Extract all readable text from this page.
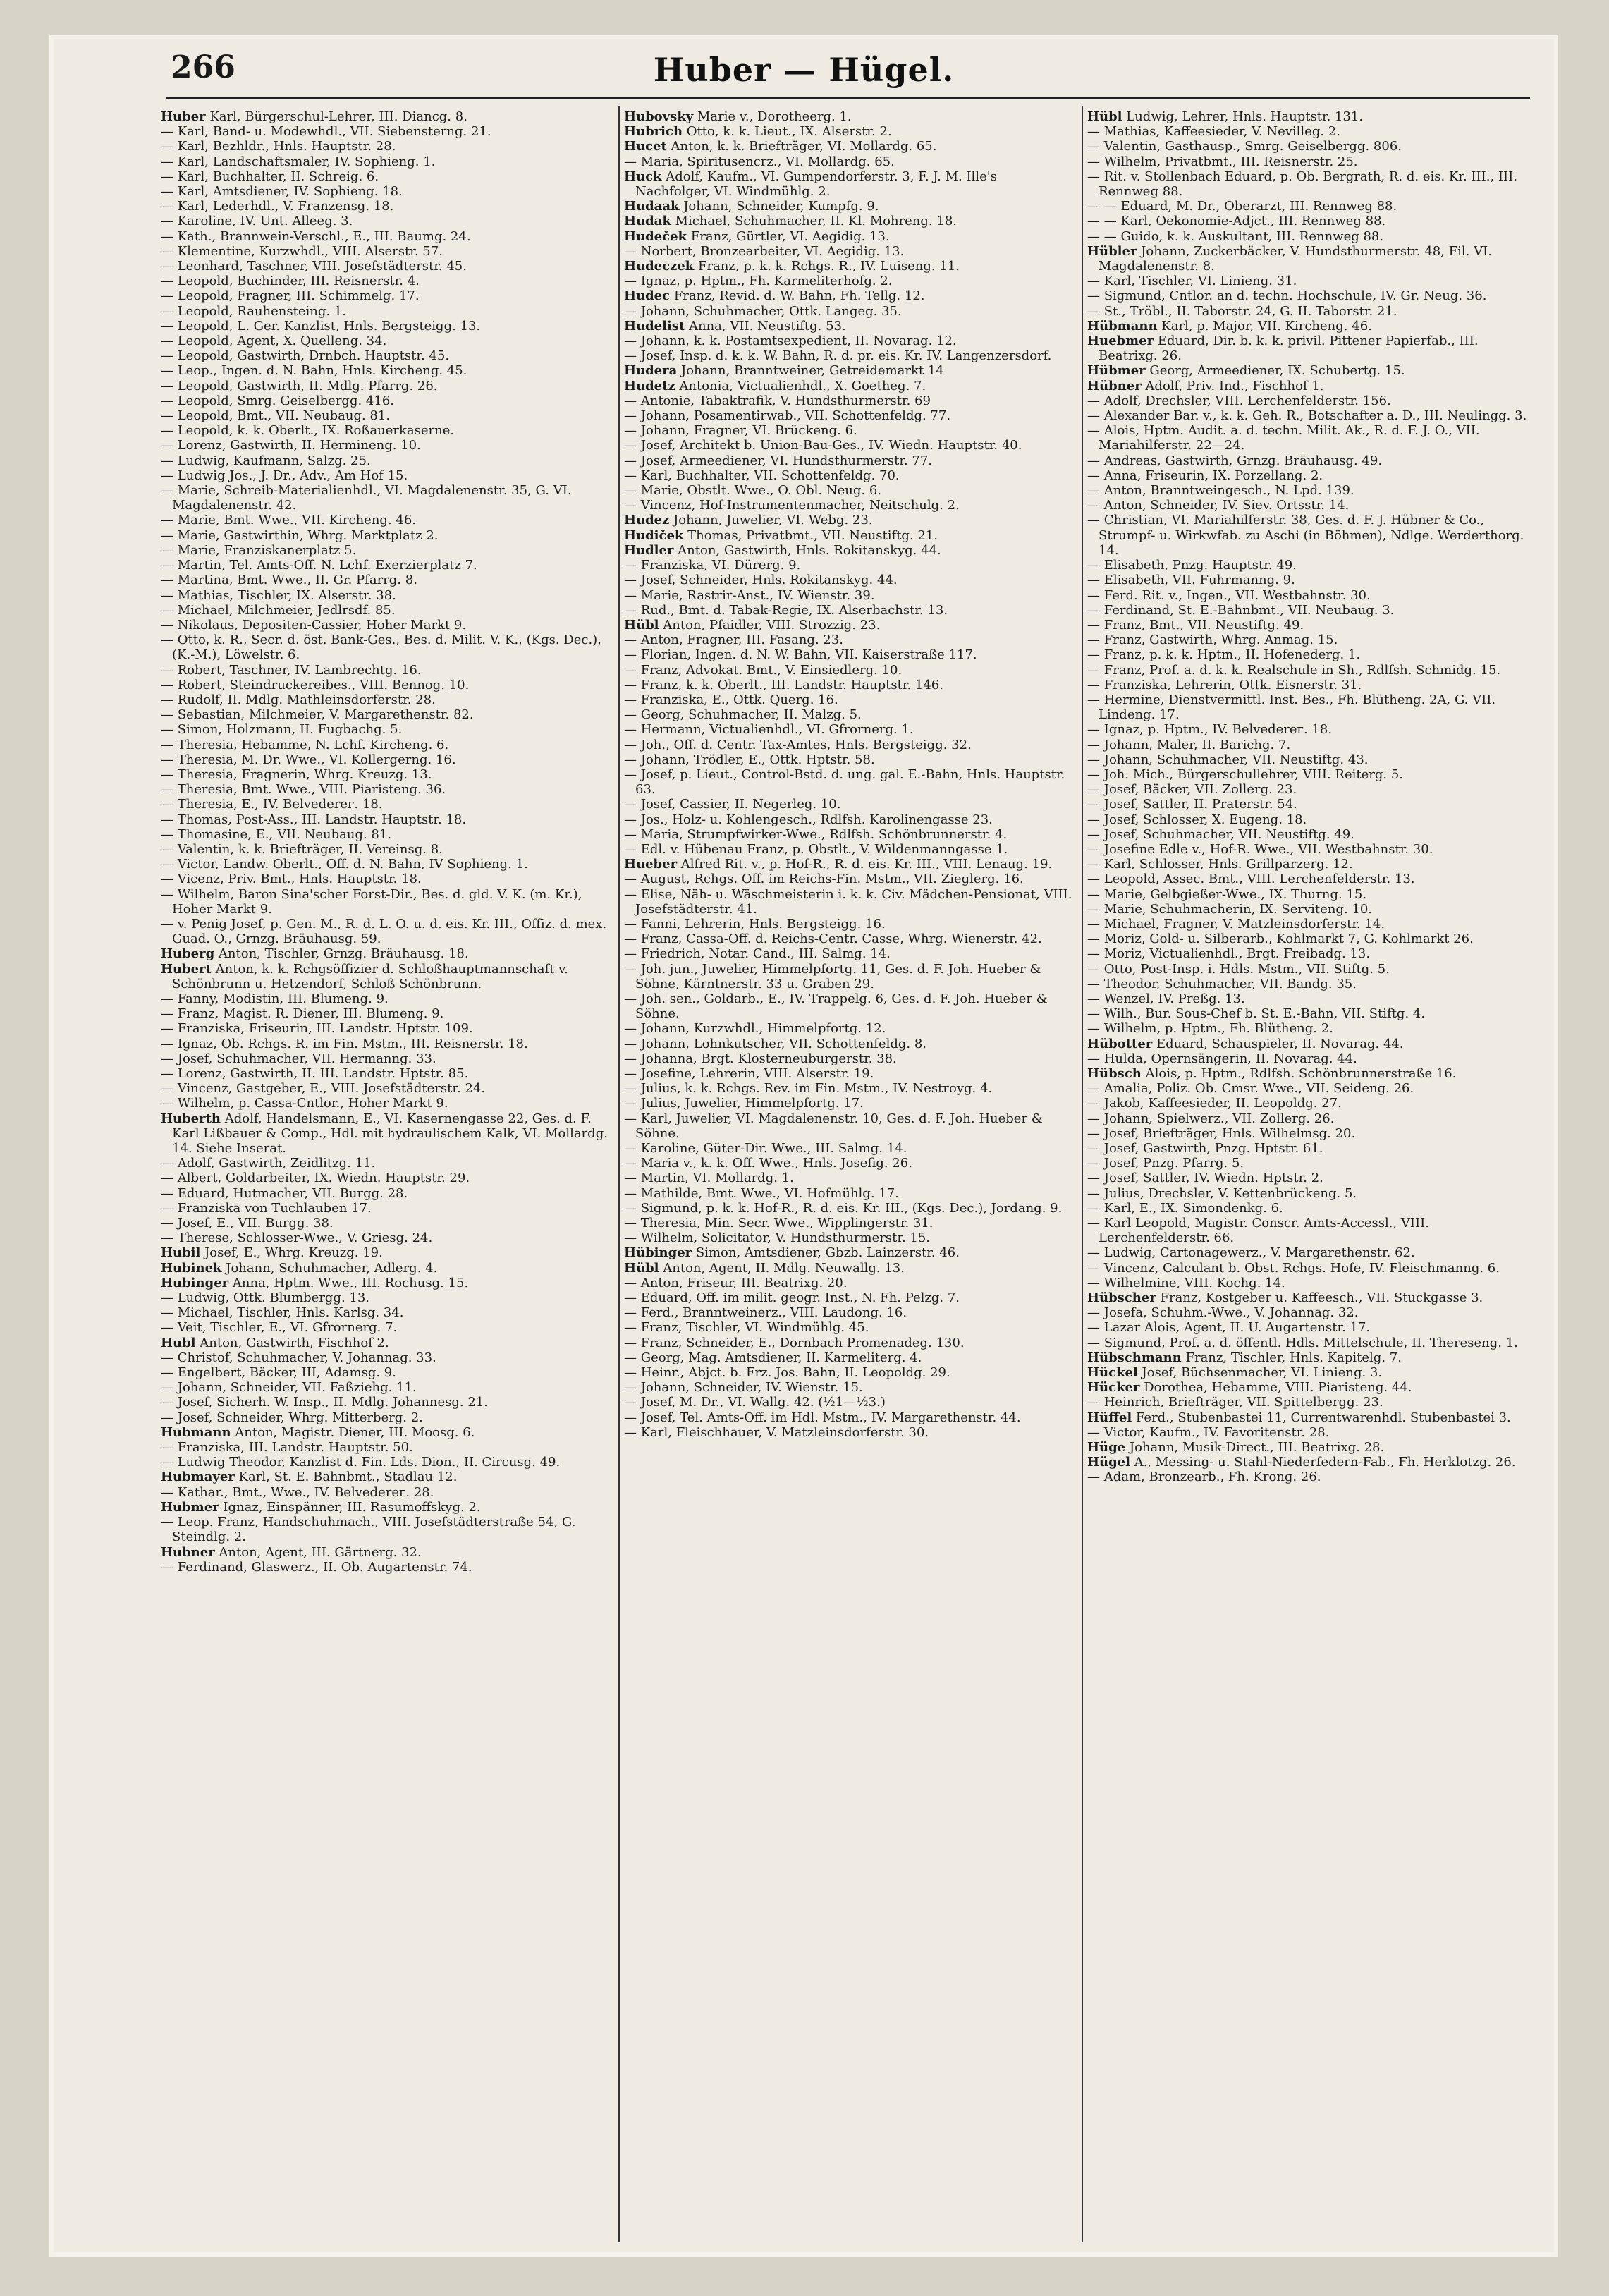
266	Huber — Hügel.
Huber Karl, Bürgerschul-Lehrer, III. Diancg. 8.
— Karl, Band- u. Modewhdl., VII. Siebensterng. 21.
— Karl, Bezhldr., Hnls. Hauptstr. 28.
— Karl, Landschaftsmaler, IV. Sophieng. 1.
— Karl, Buchhalter, II. Schreig. 6.
— Karl, Amtsdiener, IV. Sophieng. 18.
— Karl, Lederhdl., V. Franzensg. 18.
— Karoline, IV. Unt. Alleeg. 3.
— Kath., Brannwein-Verschl., E., III. Baumg. 24.
— Klementine, Kurzwhdl., VIII. Alserstr. 57.
— Leonhard, Taschner, VIII. Josefstädterstr. 45.
— Leopold, Buchinder, III. Reisnerstr. 4.
— Leopold, Fragner, III. Schimmelg. 17.
— Leopold, Rauhensteing. 1.
— Leopold, L. Ger. Kanzlist, Hnls. Bergsteigg. 13.
— Leopold, Agent, X. Quelleng. 34.
— Leopold, Gastwirth, Drnbch. Hauptstr. 45.
— Leop., Ingen. d. N. Bahn, Hnls. Kircheng. 45.
— Leopold, Gastwirth, II. Mdlg. Pfarrg. 26.
— Leopold, Smrg. Geiselbergg. 416.
— Leopold, Bmt., VII. Neubaug. 81.
— Leopold, k. k. Oberlt., IX. Roßauerkaserne.
— Lorenz, Gastwirth, II. Hermineng. 10.
— Ludwig, Kaufmann, Salzg. 25.
— Ludwig Jos., J. Dr., Adv., Am Hof 15.
— Marie, Schreib-Materialienhdl., VI. Magdalenenstr. 35, G. VI. Magdalenenstr. 42.
— Marie, Bmt. Wwe., VII. Kircheng. 46.
— Marie, Gastwirthin, Whrg. Marktplatz 2.
— Marie, Franziskanerplatz 5.
— Martin, Tel. Amts-Off. N. Lchf. Exerzierplatz 7.
— Martina, Bmt. Wwe., II. Gr. Pfarrg. 8.
— Mathias, Tischler, IX. Alserstr. 38.
— Michael, Milchmeier, Jedlrsdf. 85.
— Nikolaus, Depositen-Cassier, Hoher Markt 9.
— Otto, k. R., Secr. d. öst. Bank-Ges., Bes. d. Milit. V. K., (Kgs. Dec.), (K.-M.), Löwelstr. 6.
— Robert, Taschner, IV. Lambrechtg. 16.
— Robert, Steindruckereibes., VIII. Bennog. 10.
— Rudolf, II. Mdlg. Mathleinsdorferstr. 28.
— Sebastian, Milchmeier, V. Margarethenstr. 82.
— Simon, Holzmann, II. Fugbachg. 5.
— Theresia, Hebamme, N. Lchf. Kircheng. 6.
— Theresia, M. Dr. Wwe., VI. Kollergerng. 16.
— Theresia, Fragnerin, Whrg. Kreuzg. 13.
— Theresia, Bmt. Wwe., VIII. Piaristeng. 36.
— Theresia, E., IV. Belvederег. 18.
— Thomas, Post-Ass., III. Landstr. Hauptstr. 18.
— Thomasine, E., VII. Neubaug. 81.
— Valentin, k. k. Briefträger, II. Vereinsg. 8.
— Victor, Landw. Oberlt., Off. d. N. Bahn, IV Sophieng. 1.
— Vicenz, Priv. Bmt., Hnls. Hauptstr. 18.
— Wilhelm, Baron Sina'scher Forst-Dir., Bes. d. gld. V. K. (m. Kr.), Hoher Markt 9.
— v. Penig Josef, p. Gen. M., R. d. L. O. u. d. eis. Kr. III., Offiz. d. mex. Guad. O., Grnzg. Bräuhausg. 59.
Huberg Anton, Tischler, Grnzg. Bräuhausg. 18.
Hubert Anton, k. k. Rchgsöffizier d. Schloßhauptmannschaft v. Schönbrunn u. Hetzendorf, Schloß Schönbrunn.
— Fanny, Modistin, III. Blumeng. 9.
— Franz, Magist. R. Diener, III. Blumeng. 9.
— Franziska, Friseurin, III. Landstr. Hptstr. 109.
— Ignaz, Ob. Rchgs. R. im Fin. Mstm., III. Reisnerstr. 18.
— Josef, Schuhmacher, VII. Hermanng. 33.
— Lorenz, Gastwirth, II. III. Landstr. Hptstr. 85.
— Vincenz, Gastgeber, E., VIII. Josefstädterstr. 24.
— Wilhelm, p. Cassa-Cntlor., Hoher Markt 9.
Huberth Adolf, Handelsmann, E., VI. Kasernengasse 22, Ges. d. F. Karl Lißbauer & Comp., Hdl. mit hydraulischem Kalk, VI. Mollardg. 14. Siehe Inserat.
— Adolf, Gastwirth, Zeidlitzg. 11.
— Albert, Goldarbeiter, IX. Wiedn. Hauptstr. 29.
— Eduard, Hutmacher, VII. Burgg. 28.
— Franziska von Tuchlauben 17.
— Josef, E., VII. Burgg. 38.
— Therese, Schlosser-Wwe., V. Griesg. 24.
Hubil Josef, E., Whrg. Kreuzg. 19.
Hubinek Johann, Schuhmacher, Adlerg. 4.
Hubinger Anna, Hptm. Wwe., III. Rochusg. 15.
— Ludwig, Ottk. Blumbergg. 13.
— Michael, Tischler, Hnls. Karlsg. 34.
— Veit, Tischler, E., VI. Gfrornerg. 7.
Hubl Anton, Gastwirth, Fischhof 2.
— Christof, Schuhmacher, V. Johannag. 33.
— Engelbert, Bäcker, III, Adamsg. 9.
— Johann, Schneider, VII. Faßziehg. 11.
— Josef, Sicherh. W. Insp., II. Mdlg. Johannesg. 21.
— Josef, Schneider, Whrg. Mitterberg. 2.
Hubmann Anton, Magistr. Diener, III. Moosg. 6.
— Franziska, III. Landstr. Hauptstr. 50.
— Ludwig Theodor, Kanzlist d. Fin. Lds. Dion., II. Circusg. 49.
Hubmayer Karl, St. E. Bahnbmt., Stadlau 12.
— Kathar., Bmt., Wwe., IV. Belvederег. 28.
Hubmer Ignaz, Einspänner, III. Rasumoffskyg. 2.
— Leop. Franz, Handschuhmach., VIII. Josefstädterstraße 54, G. Steindlg. 2.
Hubner Anton, Agent, III. Gärtnerg. 32.
— Ferdinand, Glaswerz., II. Ob. Augartenstr. 74.
Hubovsky Marie v., Dorotheerg. 1.
Hubrich Otto, k. k. Lieut., IX. Alserstr. 2.
Hucet Anton, k. k. Briefträger, VI. Mollardg. 65.
— Maria, Spiritusencrz., VI. Mollardg. 65.
Huck Adolf, Kaufm., VI. Gumpendorferstr. 3, F. J. M. Ille's Nachfolger, VI. Windmühlg. 2.
Hudaak Johann, Schneider, Kumpfg. 9.
Hudak Michael, Schuhmacher, II. Kl. Mohreng. 18.
Hudeček Franz, Gürtler, VI. Aegidig. 13.
— Norbert, Bronzearbeiter, VI. Aegidig. 13.
Hudeczek Franz, p. k. k. Rchgs. R., IV. Luiseng. 11.
— Ignaz, p. Hptm., Fh. Karmeliterhofg. 2.
Hudec Franz, Revid. d. W. Bahn, Fh. Tellg. 12.
— Johann, Schuhmacher, Ottk. Langeg. 35.
Hudelist Anna, VII. Neustiftg. 53.
— Johann, k. k. Postamtsexpedient, II. Novarag. 12.
— Josef, Insp. d. k. k. W. Bahn, R. d. pr. eis. Kr. IV. Langenzersdorf.
Hudera Johann, Branntweiner, Getreidemarkt 14
Hudetz Antonia, Victualienhdl., X. Goetheg. 7.
— Antonie, Tabaktrafik, V. Hundsthurmerstr. 69
— Johann, Posamentirwab., VII. Schottenfeldg. 77.
— Johann, Fragner, VI. Brückeng. 6.
— Josef, Architekt b. Union-Bau-Ges., IV. Wiedn. Hauptstr. 40.
— Josef, Armeediener, VI. Hundsthurmerstr. 77.
— Karl, Buchhalter, VII. Schottenfeldg. 70.
— Marie, Obstlt. Wwe., O. Obl. Neug. 6.
— Vincenz, Hof-Instrumentenmacher, Neitschulg. 2.
Hudez Johann, Juwelier, VI. Webg. 23.
Hudiček Thomas, Privatbmt., VII. Neustiftg. 21.
Hudler Anton, Gastwirth, Hnls. Rokitanskyg. 44.
— Franziska, VI. Dürerg. 9.
— Josef, Schneider, Hnls. Rokitanskyg. 44.
— Marie, Rastrir-Anst., IV. Wienstr. 39.
— Rud., Bmt. d. Tabak-Regie, IX. Alserbachstr. 13.
Hübl Anton, Pfaidler, VIII. Strozzig. 23.
— Anton, Fragner, III. Fasang. 23.
— Florian, Ingen. d. N. W. Bahn, VII. Kaiserstraße 117.
— Franz, Advokat. Bmt., V. Einsiedlerg. 10.
— Franz, k. k. Oberlt., III. Landstr. Hauptstr. 146.
— Franziska, E., Ottk. Querg. 16.
— Georg, Schuhmacher, II. Malzg. 5.
— Hermann, Victualienhdl., VI. Gfrornerg. 1.
— Joh., Off. d. Centr. Tax-Amtes, Hnls. Bergsteigg. 32.
— Johann, Trödler, E., Ottk. Hptstr. 58.
— Josef, p. Lieut., Control-Bstd. d. ung. gal. E.-Bahn, Hnls. Hauptstr. 63.
— Josef, Cassier, II. Negerleg. 10.
— Jos., Holz- u. Kohlengesch., Rdlfsh. Karolinengasse 23.
— Maria, Strumpfwirker-Wwe., Rdlfsh. Schönbrunnerstr. 4.
— Edl. v. Hübenau Franz, p. Obstlt., V. Wildenmanngasse 1.
Hueber Alfred Rit. v., p. Hof-R., R. d. eis. Kr. III., VIII. Lenaug. 19.
— August, Rchgs. Off. im Reichs-Fin. Mstm., VII. Zieglerg. 16.
— Elise, Näh- u. Wäschmeisterin i. k. k. Civ. Mädchen-Pensionat, VIII. Josefstädterstr. 41.
— Fanni, Lehrerin, Hnls. Bergsteigg. 16.
— Franz, Cassa-Off. d. Reichs-Centr. Casse, Whrg. Wienerstr. 42.
— Friedrich, Notar. Cand., III. Salmg. 14.
— Joh. jun., Juwelier, Himmelpfortg. 11, Ges. d. F. Joh. Hueber & Söhne, Kärntnerstr. 33 u. Graben 29.
— Joh. sen., Goldarb., E., IV. Trappelg. 6, Ges. d. F. Joh. Hueber & Söhne.
— Johann, Kurzwhdl., Himmelpfortg. 12.
— Johann, Lohnkutscher, VII. Schottenfeldg. 8.
— Johanna, Brgt. Klosterneuburgerstr. 38.
— Josefine, Lehrerin, VIII. Alserstr. 19.
— Julius, k. k. Rchgs. Rev. im Fin. Mstm., IV. Nestroyg. 4.
— Julius, Juwelier, Himmelpfortg. 17.
— Karl, Juwelier, VI. Magdalenenstr. 10, Ges. d. F. Joh. Hueber & Söhne.
— Karoline, Güter-Dir. Wwe., III. Salmg. 14.
— Maria v., k. k. Off. Wwe., Hnls. Josefig. 26.
— Martin, VI. Mollardg. 1.
— Mathilde, Bmt. Wwe., VI. Hofmühlg. 17.
— Sigmund, p. k. k. Hof-R., R. d. eis. Kr. III., (Kgs. Dec.), Jordang. 9.
— Theresia, Min. Secr. Wwe., Wipplingerstr. 31.
— Wilhelm, Solicitator, V. Hundsthurmerstr. 15.
Hübinger Simon, Amtsdiener, Gbzb. Lainzerstr. 46.
Hübl Anton, Agent, II. Mdlg. Neuwallg. 13.
— Anton, Friseur, III. Beatrixg. 20.
— Eduard, Off. im milit. geogr. Inst., N. Fh. Pelzg. 7.
— Ferd., Branntweinerz., VIII. Laudong. 16.
— Franz, Tischler, VI. Windmühlg. 45.
— Franz, Schneider, E., Dornbach Promenadeg. 130.
— Georg, Mag. Amtsdiener, II. Karmeliterg. 4.
— Heinr., Abjct. b. Frz. Jos. Bahn, II. Leopoldg. 29.
— Johann, Schneider, IV. Wienstr. 15.
— Josef, M. Dr., VI. Wallg. 42. (½1—½3.)
— Josef, Tel. Amts-Off. im Hdl. Mstm., IV. Margarethenstr. 44.
— Karl, Fleischhauer, V. Matzleinsdorferstr. 30.
Hübl Ludwig, Lehrer, Hnls. Hauptstr. 131.
— Mathias, Kaffeesieder, V. Nevilleg. 2.
— Valentin, Gasthausp., Smrg. Geiselbergg. 806.
— Wilhelm, Privatbmt., III. Reisnerstr. 25.
— Rit. v. Stollenbach Eduard, p. Ob. Bergrath, R. d. eis. Kr. III., III. Rennweg 88.
— — Eduard, M. Dr., Oberarzt, III. Rennweg 88.
— — Karl, Oekonomie-Adjct., III. Rennweg 88.
— — Guido, k. k. Auskultant, III. Rennweg 88.
Hübler Johann, Zuckerbäcker, V. Hundsthurmerstr. 48, Fil. VI. Magdalenenstr. 8.
— Karl, Tischler, VI. Linieng. 31.
— Sigmund, Cntlor. an d. techn. Hochschule, IV. Gr. Neug. 36.
— St., Tröbl., II. Taborstr. 24, G. II. Taborstr. 21.
Hübmann Karl, p. Major, VII. Kircheng. 46.
Huebmer Eduard, Dir. b. k. k. privil. Pittener Papierfab., III. Beatrixg. 26.
Hübmer Georg, Armeediener, IX. Schubertg. 15.
Hübner Adolf, Priv. Ind., Fischhof 1.
— Adolf, Drechsler, VIII. Lerchenfelderstr. 156.
— Alexander Bar. v., k. k. Geh. R., Botschafter a. D., III. Neulingg. 3.
— Alois, Hptm. Audit. a. d. techn. Milit. Ak., R. d. F. J. O., VII. Mariahilferstr. 22—24.
— Andreas, Gastwirth, Grnzg. Bräuhausg. 49.
— Anna, Friseurin, IX. Porzellang. 2.
— Anton, Branntweingesch., N. Lpd. 139.
— Anton, Schneider, IV. Siev. Ortsstr. 14.
— Christian, VI. Mariahilferstr. 38, Ges. d. F. J. Hübner & Co., Strumpf- u. Wirkwfab. zu Aschi (in Böhmen), Ndlge. Werderthorg. 14.
— Elisabeth, Pnzg. Hauptstr. 49.
— Elisabeth, VII. Fuhrmanng. 9.
— Ferd. Rit. v., Ingen., VII. Westbahnstr. 30.
— Ferdinand, St. E.-Bahnbmt., VII. Neubaug. 3.
— Franz, Bmt., VII. Neustiftg. 49.
— Franz, Gastwirth, Whrg. Anmag. 15.
— Franz, p. k. k. Hptm., II. Hofenederg. 1.
— Franz, Prof. a. d. k. k. Realschule in Sh., Rdlfsh. Schmidg. 15.
— Franziska, Lehrerin, Ottk. Eisnerstr. 31.
— Hermine, Dienstvermittl. Inst. Bes., Fh. Blütheng. 2A, G. VII. Lindeng. 17.
— Ignaz, p. Hptm., IV. Belvederег. 18.
— Johann, Maler, II. Barichg. 7.
— Johann, Schuhmacher, VII. Neustiftg. 43.
— Joh. Mich., Bürgerschullehrer, VIII. Reiterg. 5.
— Josef, Bäcker, VII. Zollerg. 23.
— Josef, Sattler, II. Praterstr. 54.
— Josef, Schlosser, X. Eugeng. 18.
— Josef, Schuhmacher, VII. Neustiftg. 49.
— Josefine Edle v., Hof-R. Wwe., VII. Westbahnstr. 30.
— Karl, Schlosser, Hnls. Grillparzerg. 12.
— Leopold, Assec. Bmt., VIII. Lerchenfelderstr. 13.
— Marie, Gelbgießer-Wwe., IX. Thurng. 15.
— Marie, Schuhmacherin, IX. Serviteng. 10.
— Michael, Fragner, V. Matzleinsdorferstr. 14.
— Moriz, Gold- u. Silberarb., Kohlmarkt 7, G. Kohlmarkt 26.
— Moriz, Victualienhdl., Brgt. Freibadg. 13.
— Otto, Post-Insp. i. Hdls. Mstm., VII. Stiftg. 5.
— Theodor, Schuhmacher, VII. Bandg. 35.
— Wenzel, IV. Preßg. 13.
— Wilh., Bur. Sous-Chef b. St. E.-Bahn, VII. Stiftg. 4.
— Wilhelm, p. Hptm., Fh. Blütheng. 2.
Hübotter Eduard, Schauspieler, II. Novarag. 44.
— Hulda, Opernsängerin, II. Novarag. 44.
Hübsch Alois, p. Hptm., Rdlfsh. Schönbrunnerstraße 16.
— Amalia, Poliz. Ob. Cmsr. Wwe., VII. Seideng. 26.
— Jakob, Kaffeesieder, II. Leopoldg. 27.
— Johann, Spielwerz., VII. Zollerg. 26.
— Josef, Briefträger, Hnls. Wilhelmsg. 20.
— Josef, Gastwirth, Pnzg. Hptstr. 61.
— Josef, Pnzg. Pfarrg. 5.
— Josef, Sattler, IV. Wiedn. Hptstr. 2.
— Julius, Drechsler, V. Kettenbrückeng. 5.
— Karl, E., IX. Simondenkg. 6.
— Karl Leopold, Magistr. Conscr. Amts-Accessl., VIII. Lerchenfelderstr. 66.
— Ludwig, Cartonagewerz., V. Margarethenstr. 62.
— Vincenz, Calculant b. Obst. Rchgs. Hofe, IV. Fleischmanng. 6.
— Wilhelmine, VIII. Kochg. 14.
Hübscher Franz, Kostgeber u. Kaffeesch., VII. Stuckgasse 3.
— Josefa, Schuhm.-Wwe., V. Johannag. 32.
— Lazar Alois, Agent, II. U. Augartenstr. 17.
— Sigmund, Prof. a. d. öffentl. Hdls. Mittelschule, II. Thereseng. 1.
Hübschmann Franz, Tischler, Hnls. Kapitelg. 7.
Hückel Josef, Büchsenmacher, VI. Linieng. 3.
Hücker Dorothea, Hebamme, VIII. Piaristeng. 44.
— Heinrich, Briefträger, VII. Spittelbergg. 23.
Hüffel Ferd., Stubenbastei 11, Currentwarenhdl. Stubenbastei 3.
— Victor, Kaufm., IV. Favoritenstr. 28.
Hüge Johann, Musik-Direct., III. Beatrixg. 28.
Hügel A., Messing- u. Stahl-Niederfedern-Fab., Fh. Herklotzg. 26.
— Adam, Bronzearb., Fh. Krong. 26.
